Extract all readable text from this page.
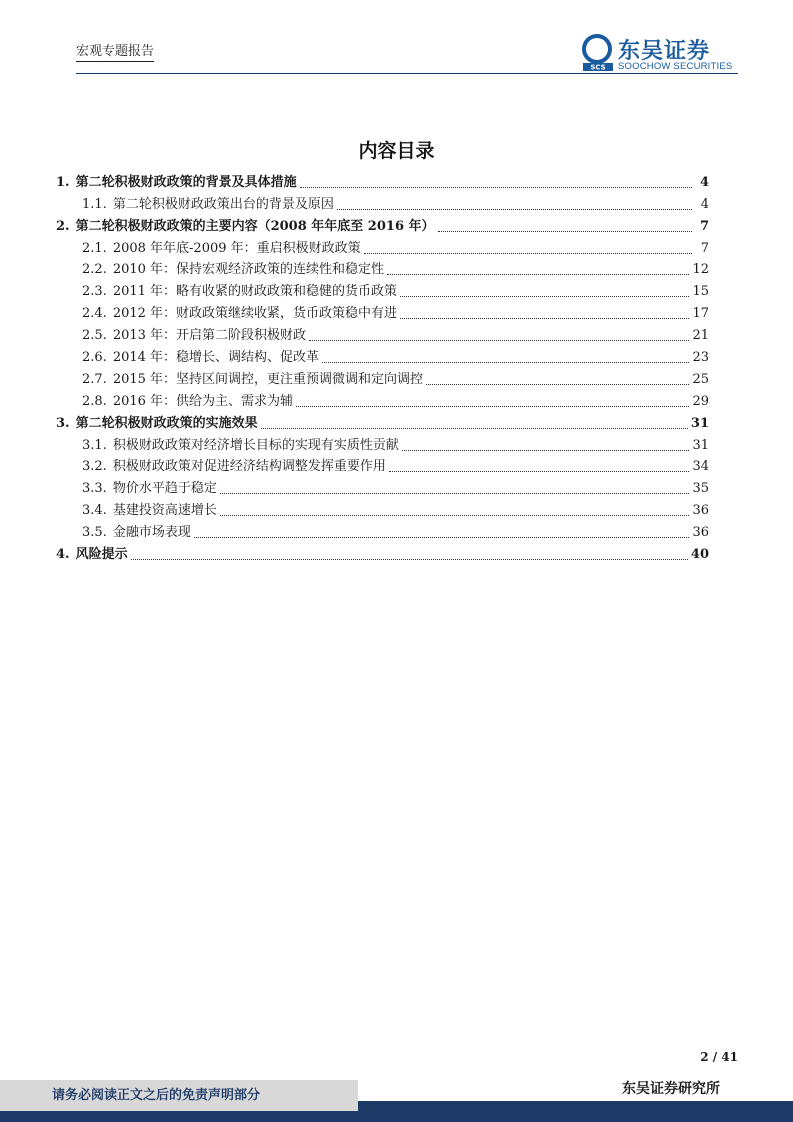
宏观专题报告
SCS
东吴证券
SOOCHOW SECURITIES
内容目录
1. 第二轮积极财政政策的背景及具体措施	4
1.1. 第二轮积极财政政策出台的背景及原因	4
2. 第二轮积极财政政策的主要内容（2008 年年底至 2016 年）	7
2.1. 2008 年年底-2009 年：重启积极财政政策	7
2.2. 2010 年：保持宏观经济政策的连续性和稳定性	12
2.3. 2011 年：略有收紧的财政政策和稳健的货币政策	15
2.4. 2012 年：财政政策继续收紧，货币政策稳中有进	17
2.5. 2013 年：开启第二阶段积极财政	21
2.6. 2014 年：稳增长、调结构、促改革	23
2.7. 2015 年：坚持区间调控，更注重预调微调和定向调控	25
2.8. 2016 年：供给为主、需求为辅	29
3. 第二轮积极财政政策的实施效果	31
3.1. 积极财政政策对经济增长目标的实现有实质性贡献	31
3.2. 积极财政政策对促进经济结构调整发挥重要作用	34
3.3. 物价水平趋于稳定	35
3.4. 基建投资高速增长	36
3.5. 金融市场表现	36
4. 风险提示	40
2 / 41
请务必阅读正文之后的免责声明部分	东吴证券研究所
